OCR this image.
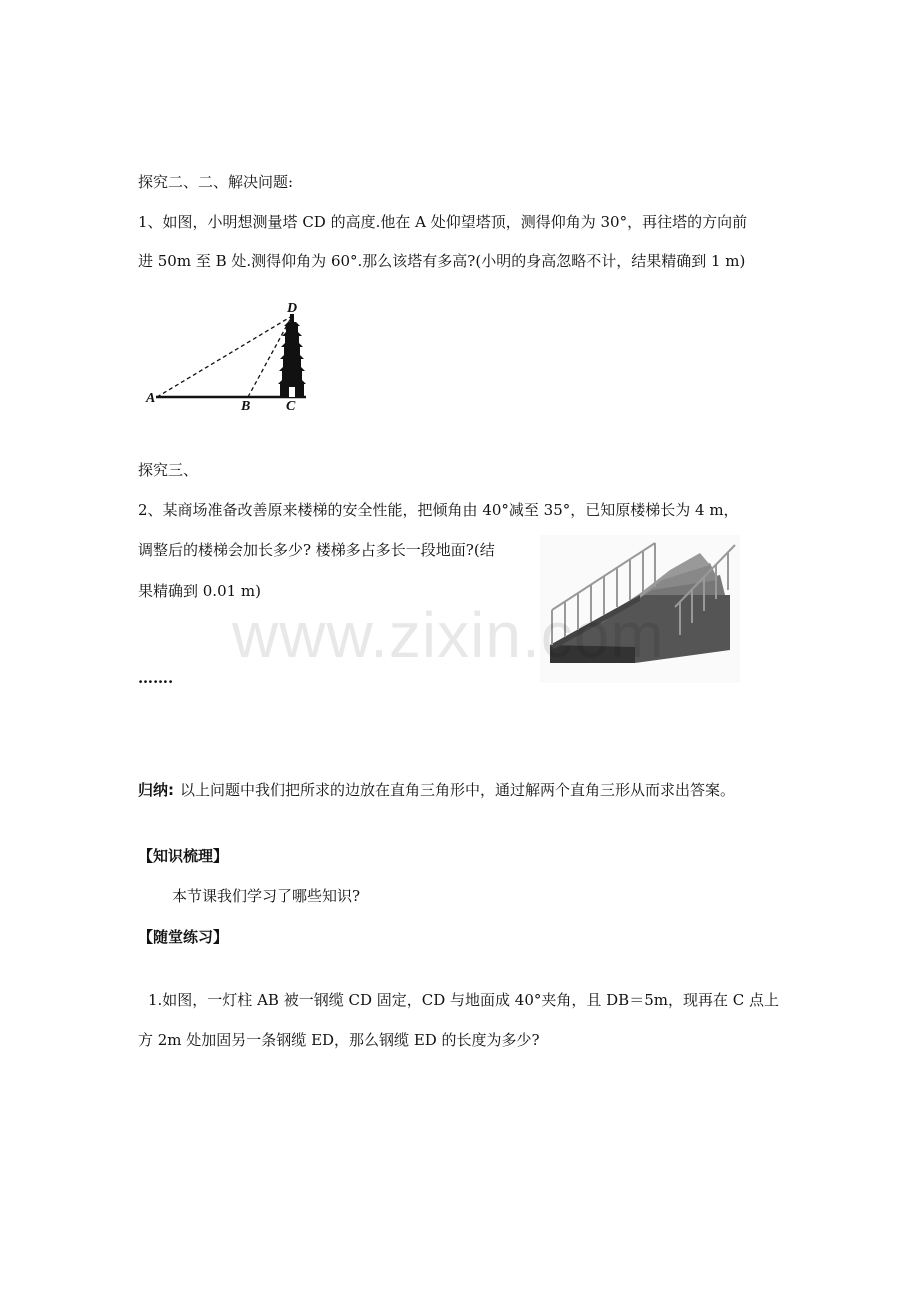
探究二、二、解决问题:
1、如图，小明想测量塔 CD 的高度.他在 A 处仰望塔顶，测得仰角为 30°，再往塔的方向前
进 50m 至 B 处.测得仰角为 60°.那么该塔有多高?(小明的身高忽略不计，结果精确到 1 m)
D
A
B	C
探究三、
2、某商场准备改善原来楼梯的安全性能，把倾角由 40°减至 35°，已知原楼梯长为 4 m，
调整后的楼梯会加长多少? 楼梯多占多长一段地面?(结
果精确到 0.01 m)
www.zixin.com
…….
归纳: 以上问题中我们把所求的边放在直角三角形中，通过解两个直角三形从而求出答案。
【知识梳理】
本节课我们学习了哪些知识?
【随堂练习】
1.如图，一灯柱 AB 被一钢缆 CD 固定，CD 与地面成 40°夹角，且 DB＝5m，现再在 C 点上
方 2m 处加固另一条钢缆 ED，那么钢缆 ED 的长度为多少?
